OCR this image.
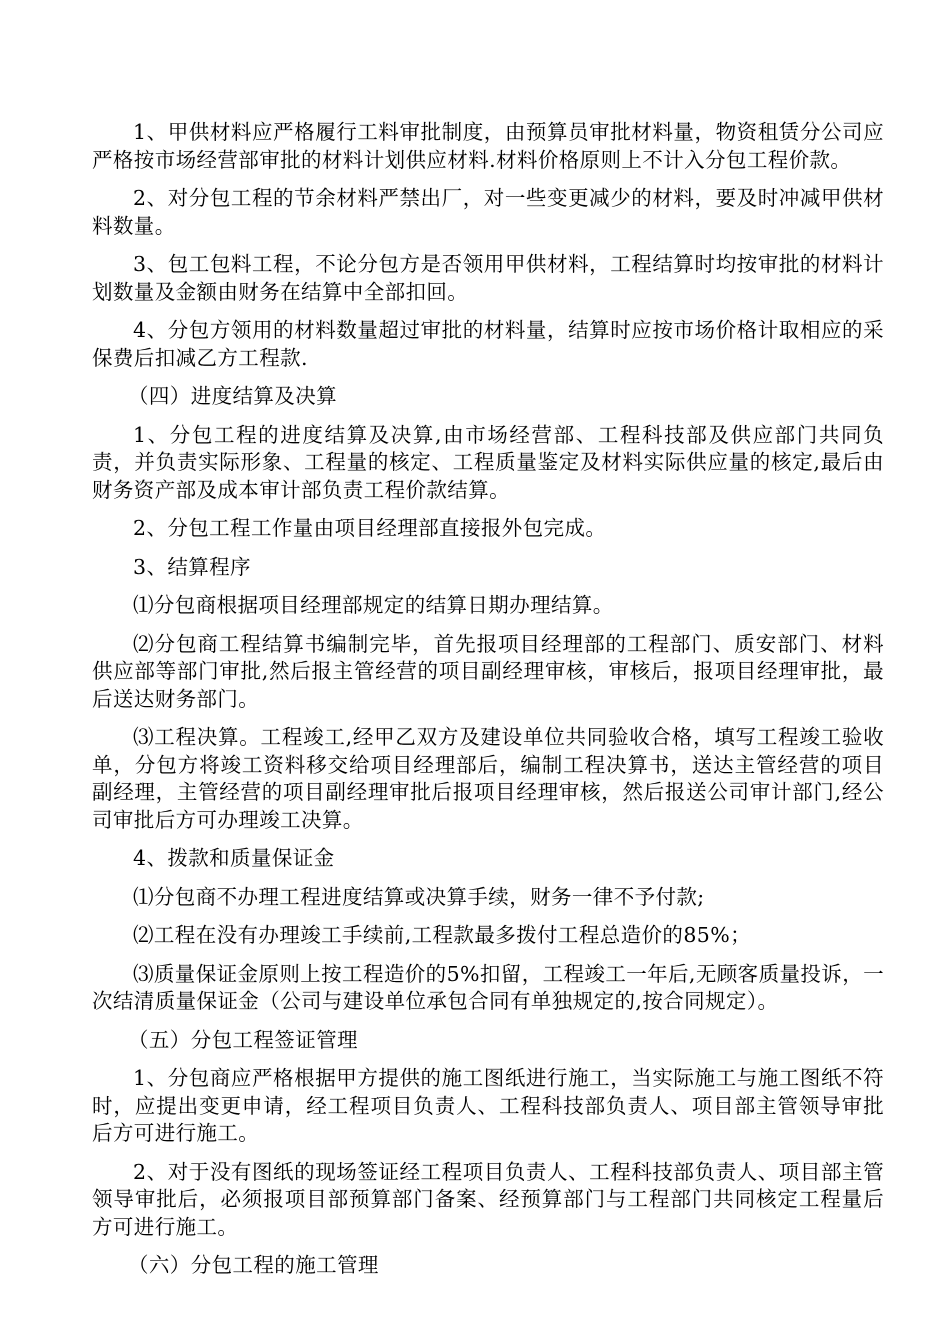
1、甲供材料应严格履行工料审批制度，由预算员审批材料量，物资租赁分公司应严格按市场经营部审批的材料计划供应材料.材料价格原则上不计入分包工程价款。

2、对分包工程的节余材料严禁出厂，对一些变更减少的材料，要及时冲减甲供材料数量。

3、包工包料工程，不论分包方是否领用甲供材料，工程结算时均按审批的材料计划数量及金额由财务在结算中全部扣回。

4、分包方领用的材料数量超过审批的材料量，结算时应按市场价格计取相应的采保费后扣减乙方工程款.

（四）进度结算及决算

1、分包工程的进度结算及决算,由市场经营部、工程科技部及供应部门共同负责，并负责实际形象、工程量的核定、工程质量鉴定及材料实际供应量的核定,最后由财务资产部及成本审计部负责工程价款结算。

2、分包工程工作量由项目经理部直接报外包完成。

3、结算程序

⑴分包商根据项目经理部规定的结算日期办理结算。

⑵分包商工程结算书编制完毕，首先报项目经理部的工程部门、质安部门、材料供应部等部门审批,然后报主管经营的项目副经理审核，审核后，报项目经理审批，最后送达财务部门。

⑶工程决算。工程竣工,经甲乙双方及建设单位共同验收合格，填写工程竣工验收单，分包方将竣工资料移交给项目经理部后，编制工程决算书，送达主管经营的项目副经理，主管经营的项目副经理审批后报项目经理审核，然后报送公司审计部门,经公司审批后方可办理竣工决算。

4、拨款和质量保证金

⑴分包商不办理工程进度结算或决算手续，财务一律不予付款;

⑵工程在没有办理竣工手续前,工程款最多拨付工程总造价的85%；

⑶质量保证金原则上按工程造价的5%扣留，工程竣工一年后,无顾客质量投诉，一次结清质量保证金（公司与建设单位承包合同有单独规定的,按合同规定）。

（五）分包工程签证管理

1、分包商应严格根据甲方提供的施工图纸进行施工，当实际施工与施工图纸不符时，应提出变更申请，经工程项目负责人、工程科技部负责人、项目部主管领导审批后方可进行施工。

2、对于没有图纸的现场签证经工程项目负责人、工程科技部负责人、项目部主管领导审批后，必须报项目部预算部门备案、经预算部门与工程部门共同核定工程量后方可进行施工。

（六）分包工程的施工管理
